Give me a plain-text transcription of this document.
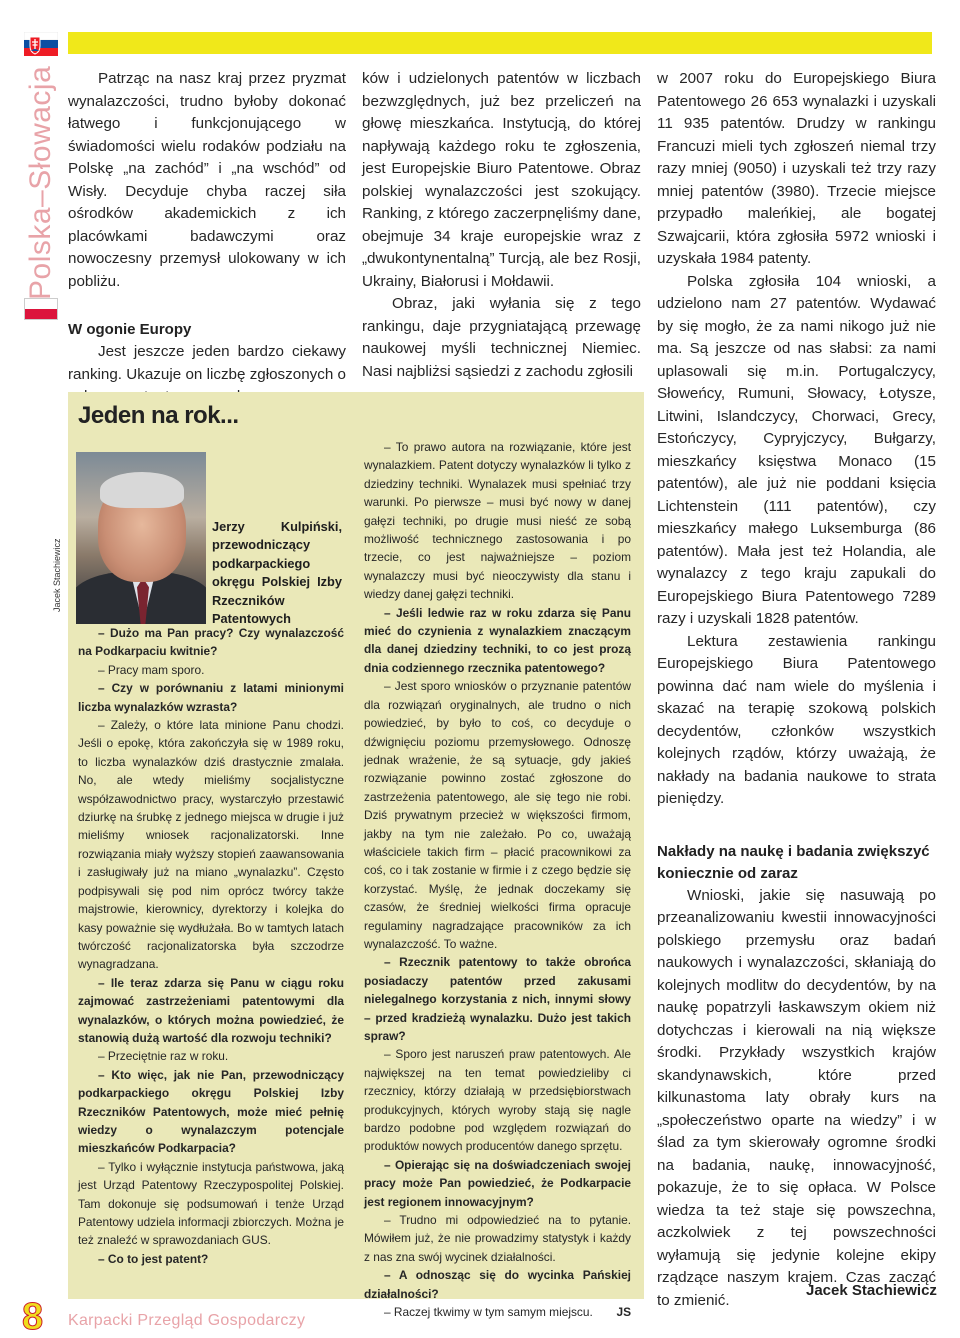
Polska–Słowacja
Jacek Stachiewicz
8

Patrząc na nasz kraj przez pryzmat wynalazczości, trudno byłoby dokonać łatwego i funkcjonującego w świadomości wielu rodaków podziału na Polskę „na zachód” i „na wschód” od Wisły. Decyduje chyba raczej siła ośrodków akademickich z ich placówkami badawczymi oraz nowoczesny przemysł ulokowany w ich pobliżu.

W ogonie Europy

Jest jeszcze jeden bardzo ciekawy ranking. Ukazuje on liczbę zgłoszonych o

ków i udzielonych patentów w liczbach bezwzględnych, już bez przeliczeń na głowę mieszkańca. Instytucją, do której napływają każdego roku te zgłoszenia, jest Europejskie Biuro Patentowe. Obraz polskiej wynalazczości jest szokujący. Ranking, z którego zaczerpnęliśmy dane, obejmuje 34 kraje europejskie wraz z „dwukontynentalną” Turcją, ale bez Rosji, Ukrainy, Białorusi i Mołdawii.

Obraz, jaki wyłania się z tego rankingu, daje przygniatającą przewagę naukowej myśli technicznej Niemiec. Nasi najbliżsi sąsiedzi z zachodu zgłosili

w 2007 roku do Europejskiego Biura Patentowego 26 653 wynalazki i uzyskali 11 935 patentów. Drudzy w rankingu Francuzi mieli tych zgłoszeń niemal trzy razy mniej (9050) i uzyskali też trzy razy mniej patentów (3980). Trzecie miejsce przypadło maleńkiej, ale bogatej Szwajcarii, która zgłosiła 5972 wnioski i uzyskała 1984 patenty.

Polska zgłosiła 104 wnioski, a udzielono nam 27 patentów. Wydawać by się mogło, że za nami nikogo już nie ma. Są jeszcze od nas słabsi: za nami uplasowali się m.in. Portugalczycy, Słoweńcy, Rumuni, Słowacy, Łotysze, Litwini, Islandczycy, Chorwaci, Grecy, Estończycy, Cypryjczycy, Bułgarzy, mieszkańcy księstwa Monaco (15 patentów), ale już nie poddani księcia Lichtenstein (111 patentów), czy mieszkańcy małego Luksemburga (86 patentów). Mała jest też Holandia, ale wynalazcy z tego kraju zapukali do Europejskiego Biura Patentowego 7289 razy i uzyskali 1828 patentów.

Lektura zestawienia rankingu Europejskiego Biura Patentowego powinna dać nam wiele do myślenia i skazać na terapię szokową polskich decydentów, członków wszystkich kolejnych rządów, którzy uważają, że nakłady na badania naukowe to strata pieniędzy.

Nakłady na naukę i badania zwiększyć koniecznie od zaraz

Wnioski, jakie się nasuwają po przeanalizowaniu kwestii innowacyjności polskiego przemysłu oraz badań naukowych i wynalazczości, skłaniają do kolejnych modlitw do decydentów, by na naukę popatrzyli łaskawszym okiem niż dotychczas i kierowali na nią większe środki. Przykłady wszystkich krajów skandynawskich, które przed kilkunastoma laty obrały kurs na „społeczeństwo oparte na wiedzy” i w ślad za tym skierowały ogromne środki na badania, naukę, innowacyjność, pokazuje, że to się opłaca. W Polsce wiedza ta też staje się powszechna, aczkolwiek z tej powszechności wyłamują się jedynie kolejne ekipy rządzące naszym krajem. Czas zacząć to zmienić.

Jeden na rok...
Jerzy Kulpiński, przewodniczący podkarpackiego okręgu Polskiej Izby Rzeczników Patentowych

– Dużo ma Pan pracy? Czy wynalazczość na Podkarpaciu kwitnie?

– Pracy mam sporo.

– Czy w porównaniu z latami minionymi liczba wynalazków wzrasta?

– Zależy, o które lata minione Panu chodzi. Jeśli o epokę, która zakończyła się w 1989 roku, to liczba wynalazków dziś drastycznie zmalała. No, ale wtedy mieliśmy socjalistyczne współzawodnictwo pracy, wystarczyło przestawić dziurkę na śrubkę z jednego miejsca w drugie i już mieliśmy wniosek racjonalizatorski. Inne rozwiązania miały wyższy stopień zaawansowania i zasługiwały już na miano „wynalazku”. Często podpisywali się pod nim oprócz twórcy także majstrowie, kierownicy, dyrektorzy i kolejka do kasy poważnie się wydłużała. Bo w tamtych latach twórczość racjonalizatorska była szczodrze wynagradzana.

– Ile teraz zdarza się Panu w ciągu roku zajmować zastrzeżeniami patentowymi dla wynalazków, o których można powiedzieć, że stanowią dużą wartość dla rozwoju techniki?

– Przeciętnie raz w roku.

– Kto więc, jak nie Pan, przewodniczący podkarpackiego okręgu Polskiej Izby Rzeczników Patentowych, może mieć pełnię wiedzy o wynalazczym potencjale mieszkańców Podkarpacia?

– Tylko i wyłącznie instytucja państwowa, jaką jest Urząd Patentowy Rzeczypospolitej Polskiej. Tam dokonuje się podsumowań i tenże Urząd Patentowy udziela informacji zbiorczych. Można je też znaleźć w sprawozdaniach GUS.

– Co to jest patent?

– To prawo autora na rozwiązanie, które jest wynalazkiem. Patent dotyczy wynalazków li tylko z dziedziny techniki. Wynalazek musi spełniać trzy warunki. Po pierwsze – musi być nowy w danej gałęzi techniki, po drugie musi nieść ze sobą możliwość technicznego zastosowania i po trzecie, co jest najważniejsze – poziom wynalazczy musi być nieoczywisty dla stanu i wiedzy danej gałęzi techniki.

– Jeśli ledwie raz w roku zdarza się Panu mieć do czynienia z wynalazkiem znaczącym dla danej dziedziny techniki, to co jest prozą dnia codziennego rzecznika patentowego?

– Jest sporo wniosków o przyznanie patentów dla rozwiązań oryginalnych, ale trudno o nich powiedzieć, by było to coś, co decyduje o dźwignięciu poziomu przemysłowego. Odnoszę jednak wrażenie, że są sytuacje, gdy jakieś rozwiązanie powinno zostać zgłoszone do zastrzeżenia patentowego, ale się tego nie robi. Dziś prywatnym przecież w większości firmom, jakby na tym nie zależało. Po co, uważają właściciele takich firm – płacić pracownikowi za coś, co i tak zostanie w firmie i z czego będzie się korzystać. Myślę, że jednak doczekamy się czasów, że średniej wielkości firma opracuje regulaminy nagradzające pracowników za ich wynalazczość. To ważne.

– Rzecznik patentowy to także obrońca posiadaczy patentów przed zakusami nielegalnego korzystania z nich, innymi słowy – przed kradzieżą wynalazku. Dużo jest takich spraw?

– Sporo jest naruszeń praw patentowych. Ale największej na ten temat powiedzieliby ci rzecznicy, którzy działają w przedsiębiorstwach produkcyjnych, których wyroby stają się nagle bardzo podobne pod względem rozwiązań do produktów nowych producentów danego sprzętu.

– Opierając się na doświadczeniach swojej pracy może Pan powiedzieć, że Podkarpacie jest regionem innowacyjnym?

– Trudno mi odpowiedzieć na to pytanie. Mówiłem już, że nie prowadzimy statystyk i każdy z nas zna swój wycinek działalności.

– A odnosząc się do wycinka Pańskiej działalności?

– Raczej tkwimy w tym samym miejscu. JS

Jacek Stachiewicz
Karpacki Przegląd Gospodarczy
